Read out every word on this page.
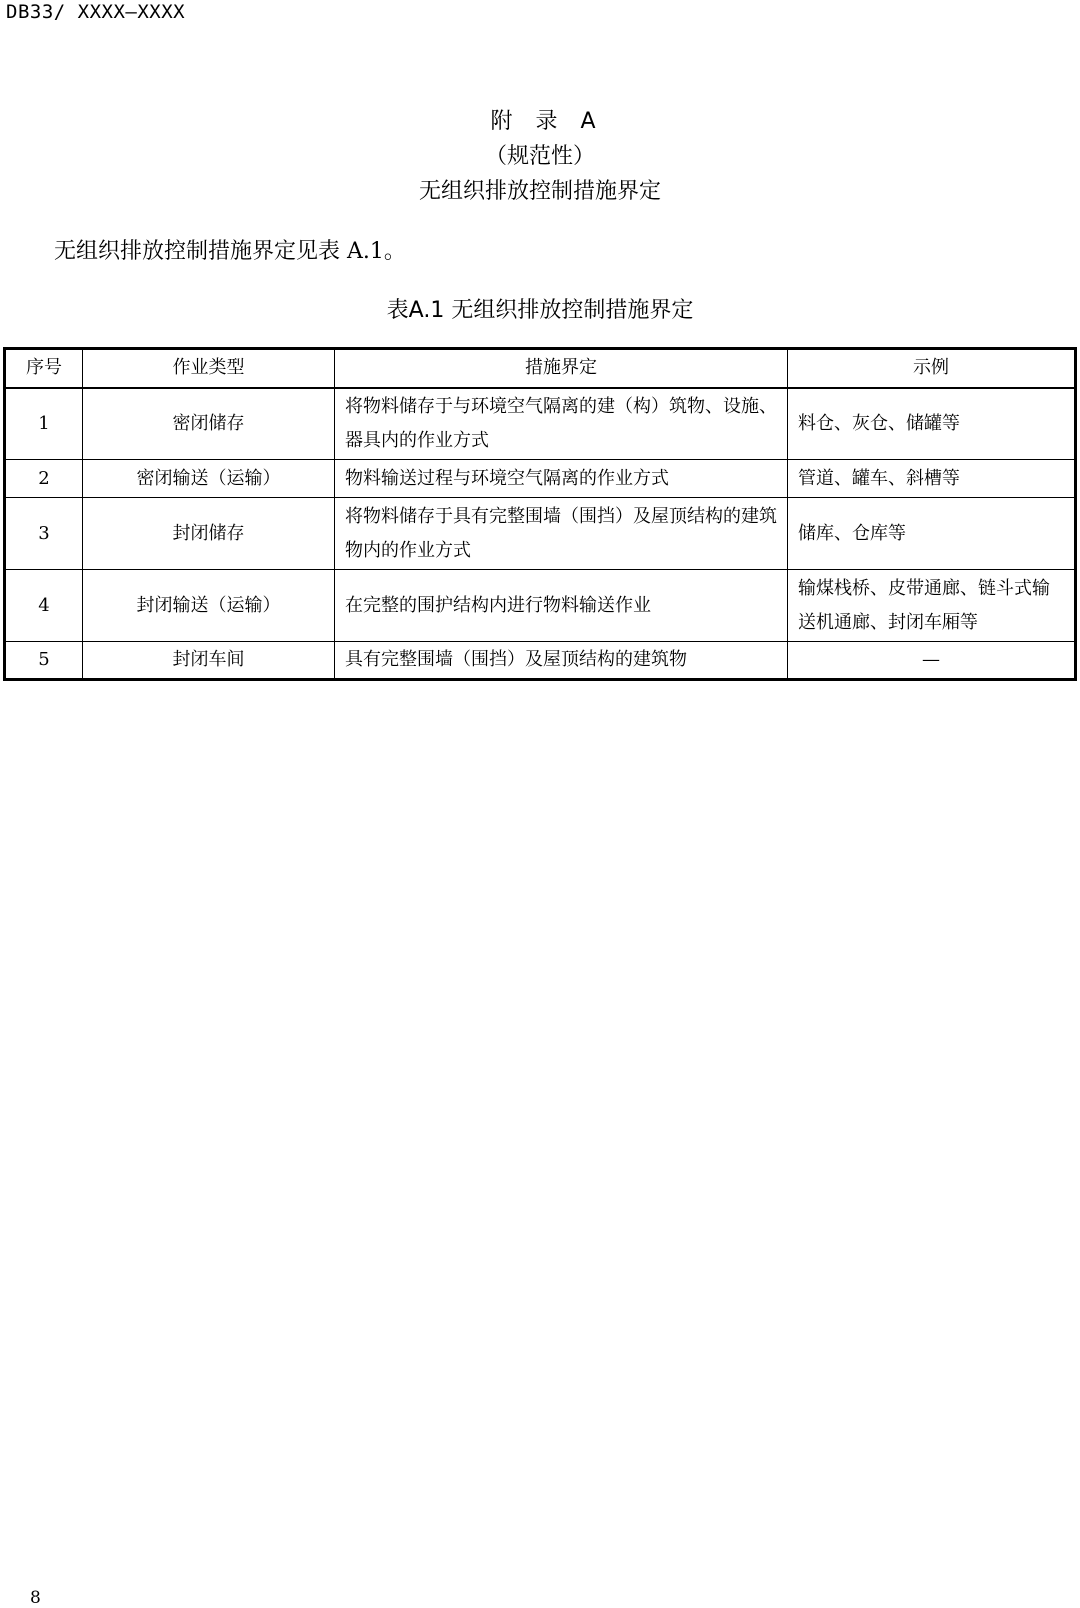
DB33/ XXXX—XXXX
附 录 A
（规范性）
无组织排放控制措施界定
无组织排放控制措施界定见表 A.1。
表A.1 无组织排放控制措施界定
序号	作业类型	措施界定	示例
1	密闭储存	将物料储存于与环境空气隔离的建（构）筑物、设施、器具内的作业方式	料仓、灰仓、储罐等
2	密闭输送（运输）	物料输送过程与环境空气隔离的作业方式	管道、罐车、斜槽等
3	封闭储存	将物料储存于具有完整围墙（围挡）及屋顶结构的建筑物内的作业方式	储库、仓库等
4	封闭输送（运输）	在完整的围护结构内进行物料输送作业	输煤栈桥、皮带通廊、链斗式输送机通廊、封闭车厢等
5	封闭车间	具有完整围墙（围挡）及屋顶结构的建筑物	—
8
